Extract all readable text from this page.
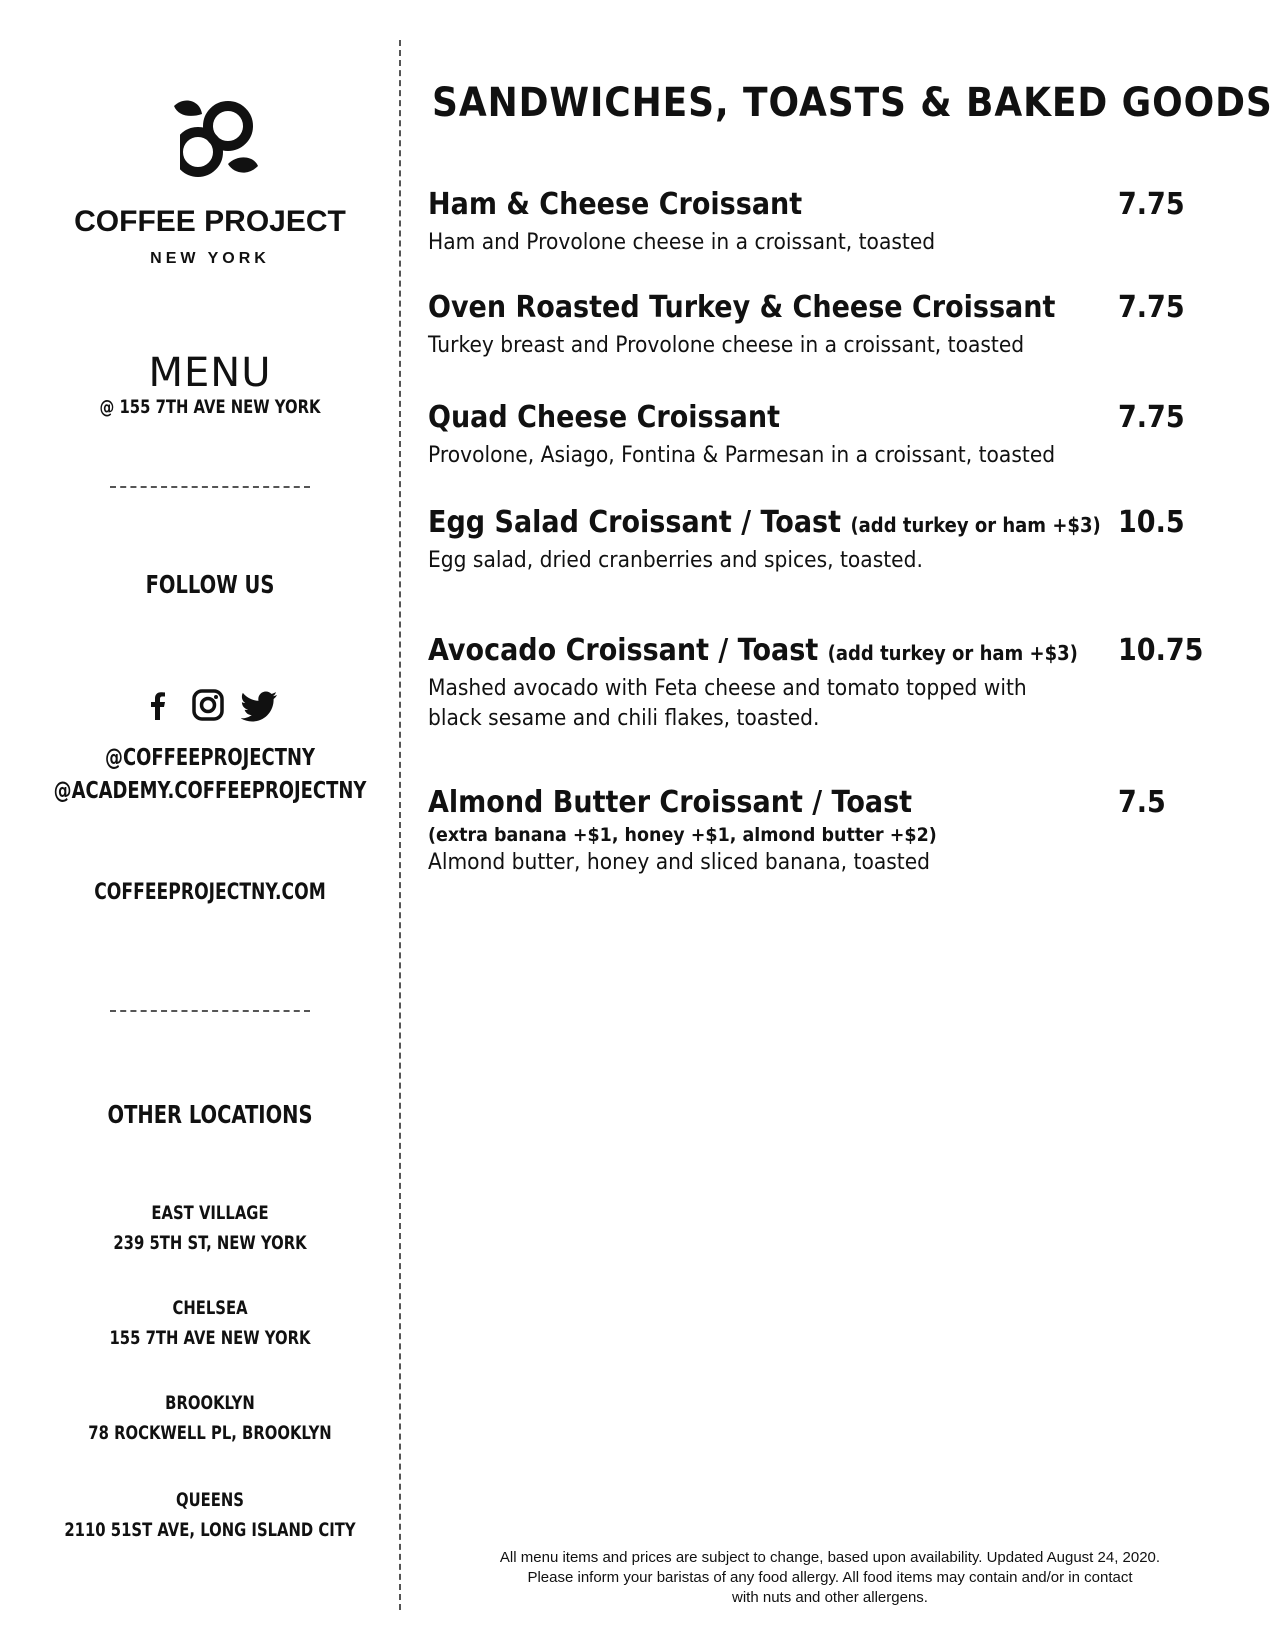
COFFEE PROJECT
NEW YORK
MENU
@ 155 7TH AVE NEW YORK
FOLLOW US
@COFFEEPROJECTNY
@ACADEMY.COFFEEPROJECTNY
COFFEEPROJECTNY.COM
OTHER LOCATIONS
EAST VILLAGE
239 5TH ST, NEW YORK
CHELSEA
155 7TH AVE NEW YORK
BROOKLYN
78 ROCKWELL PL, BROOKLYN
QUEENS
2110 51ST AVE, LONG ISLAND CITY
SANDWICHES, TOASTS & BAKED GOODS
Ham & Cheese Croissant	7.75
Ham and Provolone cheese in a croissant, toasted
Oven Roasted Turkey & Cheese Croissant 7.75
Turkey breast and Provolone cheese in a croissant, toasted
Quad Cheese Croissant	7.75
Provolone, Asiago, Fontina & Parmesan in a croissant, toasted
Egg Salad Croissant / Toast (add turkey or ham +$3) 10.5
Egg salad, dried cranberries and spices, toasted.
Avocado Croissant / Toast (add turkey or ham +$3) 10.75
Mashed avocado with Feta cheese and tomato topped with
black sesame and chili flakes, toasted.
Almond Butter Croissant / Toast	7.5
(extra banana +$1, honey +$1, almond butter +$2)
Almond butter, honey and sliced banana, toasted
All menu items and prices are subject to change, based upon availability. Updated August 24, 2020.
Please inform your baristas of any food allergy. All food items may contain and/or in contact
with nuts and other allergens.
